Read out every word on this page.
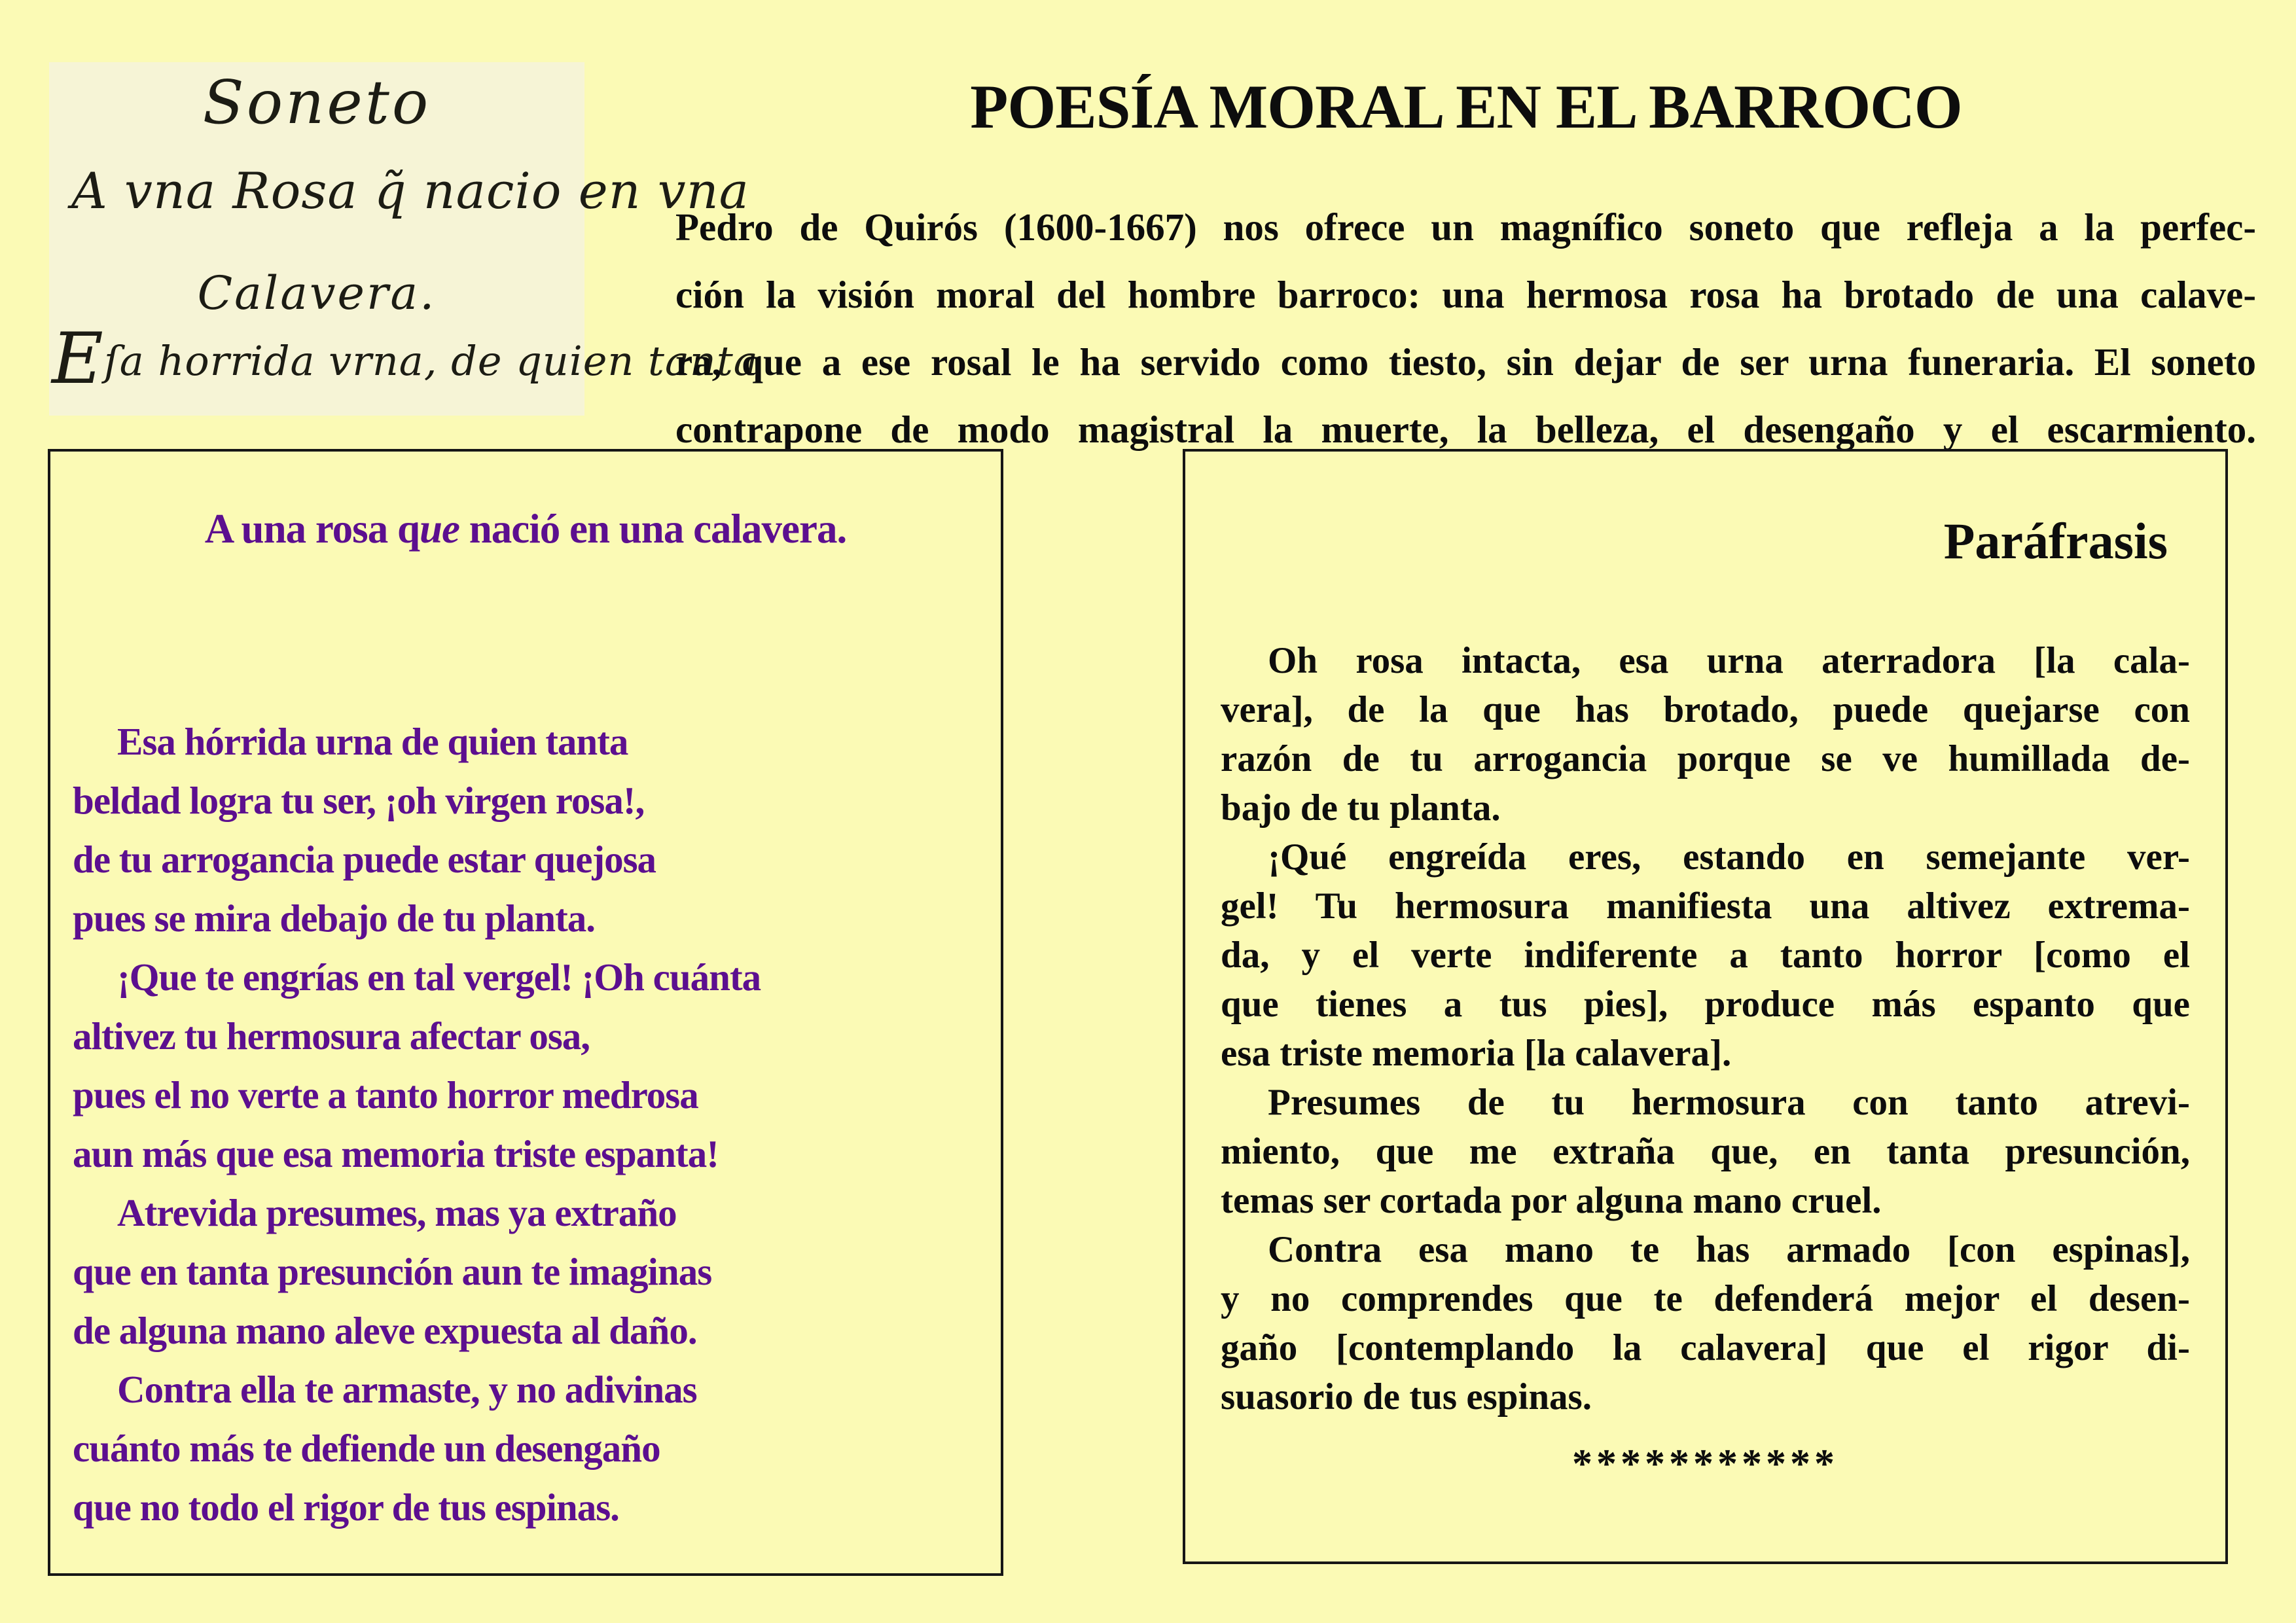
Soneto
A vna Rosa q̃ nacio en vna
Calavera.
Eſa horrida vrna, de quien tanta
POESÍA MORAL EN EL BARROCO
Pedro de Quirós (1600-1667) nos ofrece un magnífico soneto que refleja a la perfec-
ción la visión moral del hombre barroco: una hermosa rosa ha brotado de una calave-
ra, que a ese rosal le ha servido como tiesto, sin dejar de ser urna funeraria. El soneto
contrapone de modo magistral la muerte, la belleza, el desengaño y el escarmiento.
A una rosa que nació en una calavera.
Esa hórrida urna de quien tanta
beldad logra tu ser, ¡oh virgen rosa!,
de tu arrogancia puede estar quejosa
pues se mira debajo de tu planta.
¡Que te engrías en tal vergel! ¡Oh cuánta
altivez tu hermosura afectar osa,
pues el no verte a tanto horror medrosa
aun más que esa memoria triste espanta!
Atrevida presumes, mas ya extraño
que en tanta presunción aun te imaginas
de alguna mano aleve expuesta al daño.
Contra ella te armaste, y no adivinas
cuánto más te defiende un desengaño
que no todo el rigor de tus espinas.
Paráfrasis
Oh rosa intacta, esa urna aterradora [la cala-
vera], de la que has brotado, puede quejarse con
razón de tu arrogancia porque se ve humillada de-
bajo de tu planta.
¡Qué engreída eres, estando en semejante ver-
gel! Tu hermosura manifiesta una altivez extrema-
da, y el verte indiferente a tanto horror [como el
que tienes a tus pies], produce más espanto que
esa triste memoria [la calavera].
Presumes de tu hermosura con tanto atrevi-
miento, que me extraña que, en tanta presunción,
temas ser cortada por alguna mano cruel.
Contra esa mano te has armado [con espinas],
y no comprendes que te defenderá mejor el desen-
gaño [contemplando la calavera] que el rigor di-
suasorio de tus espinas.
***********
